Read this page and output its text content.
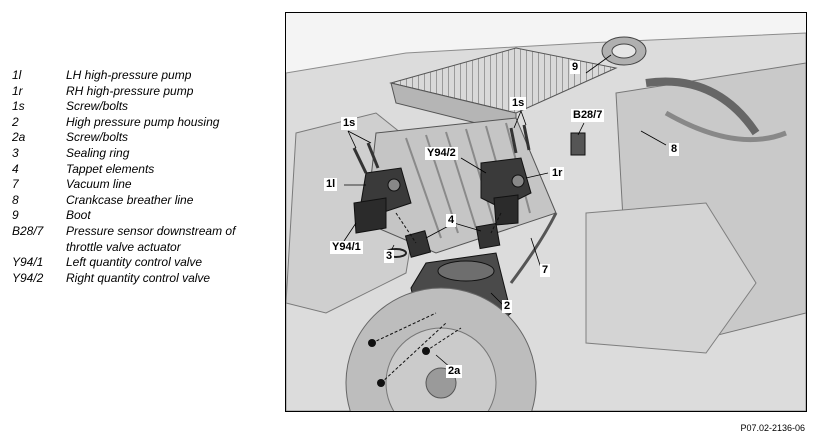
1l	LH high-pressure pump
1r	RH high-pressure pump
1s	Screw/bolts
2	High pressure pump housing
2a	Screw/bolts
3	Sealing ring
4	Tappet elements
7	Vacuum line
8	Crankcase breather line
9	Boot
B28/7	Pressure sensor downstream of
throttle valve actuator
Y94/1	Left quantity control valve
Y94/2	Right quantity control valve
9
1s
1s
B28/7
8
Y94/2
1l
1r
4
Y94/1
3
7
2
2a
P07.02-2136-06
